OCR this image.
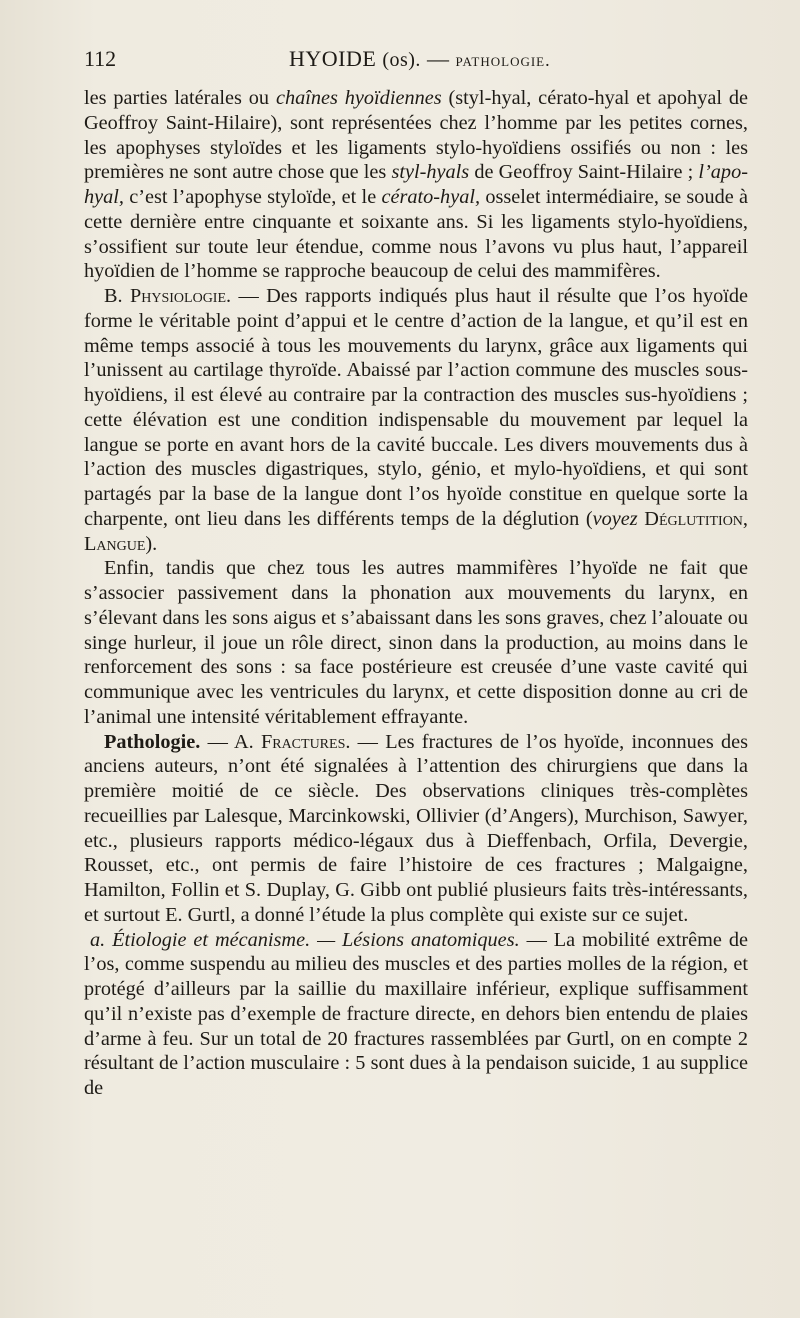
112	HYOIDE (os). — pathologie.

les parties latérales ou chaînes hyoïdiennes (styl-hyal, cérato-hyal et apohyal de Geoffroy Saint-Hilaire), sont représentées chez l’homme par les petites cornes, les apophyses styloïdes et les ligaments stylo-hyoïdiens ossifiés ou non : les premières ne sont autre chose que les styl-hyals de Geoffroy Saint-Hilaire ; l’apo-hyal, c’est l’apophyse styloïde, et le cérato-hyal, osselet intermédiaire, se soude à cette dernière entre cinquante et soixante ans. Si les ligaments stylo-hyoïdiens, s’ossifient sur toute leur étendue, comme nous l’avons vu plus haut, l’appareil hyoïdien de l’homme se rapproche beaucoup de celui des mammifères.

B. Physiologie. — Des rapports indiqués plus haut il résulte que l’os hyoïde forme le véritable point d’appui et le centre d’action de la langue, et qu’il est en même temps associé à tous les mouvements du larynx, grâce aux ligaments qui l’unissent au cartilage thyroïde. Abaissé par l’action commune des muscles sous-hyoïdiens, il est élevé au contraire par la contraction des muscles sus-hyoïdiens ; cette élévation est une condition indispensable du mouvement par lequel la langue se porte en avant hors de la cavité buccale. Les divers mouvements dus à l’action des muscles digastriques, stylo, génio, et mylo-hyoïdiens, et qui sont partagés par la base de la langue dont l’os hyoïde constitue en quelque sorte la charpente, ont lieu dans les différents temps de la déglution (voyez Déglutition, Langue).

Enfin, tandis que chez tous les autres mammifères l’hyoïde ne fait que s’associer passivement dans la phonation aux mouvements du larynx, en s’élevant dans les sons aigus et s’abaissant dans les sons graves, chez l’alouate ou singe hurleur, il joue un rôle direct, sinon dans la production, au moins dans le renforcement des sons : sa face postérieure est creusée d’une vaste cavité qui communique avec les ventricules du larynx, et cette disposition donne au cri de l’animal une intensité véritablement effrayante.

Pathologie. — A. Fractures. — Les fractures de l’os hyoïde, inconnues des anciens auteurs, n’ont été signalées à l’attention des chirurgiens que dans la première moitié de ce siècle. Des observations cliniques très-complètes recueillies par Lalesque, Marcinkowski, Ollivier (d’Angers), Murchison, Sawyer, etc., plusieurs rapports médico-légaux dus à Dieffenbach, Orfila, Devergie, Rousset, etc., ont permis de faire l’histoire de ces fractures ; Malgaigne, Hamilton, Follin et S. Duplay, G. Gibb ont publié plusieurs faits très-intéressants, et surtout E. Gurtl, a donné l’étude la plus complète qui existe sur ce sujet.

a. Étiologie et mécanisme. — Lésions anatomiques. — La mobilité extrême de l’os, comme suspendu au milieu des muscles et des parties molles de la région, et protégé d’ailleurs par la saillie du maxillaire inférieur, explique suffisamment qu’il n’existe pas d’exemple de fracture directe, en dehors bien entendu de plaies d’arme à feu. Sur un total de 20 fractures rassemblées par Gurtl, on en compte 2 résultant de l’action musculaire : 5 sont dues à la pendaison suicide, 1 au supplice de
